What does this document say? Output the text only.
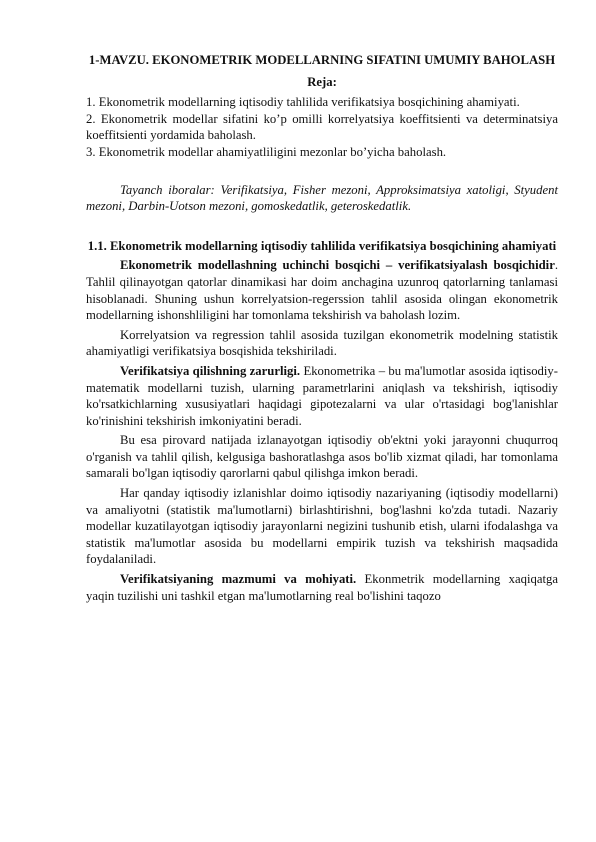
1-MAVZU. EKONOMETRIK MODELLARNING SIFATINI UMUMIY BAHOLASH
Reja:

1. Ekonometrik modellarning iqtisodiy tahlilida verifikatsiya bosqichining ahamiyati.

2. Ekonometrik modellar sifatini ko’p omilli korrelyatsiya koeffitsienti va determinatsiya koeffitsienti yordamida baholash.

3. Ekonometrik modellar ahamiyatliligini mezonlar bo’yicha baholash.

Tayanch iboralar: Verifikatsiya, Fisher mezoni, Approksimatsiya xatoligi, Styudent mezoni, Darbin-Uotson mezoni, gomoskedatlik, geteroskedatlik.

1.1. Ekonometrik modellarning iqtisodiy tahlilida verifikatsiya bosqichining ahamiyati

Ekonometrik modellashning uchinchi bosqichi – verifikatsiyalash bosqichidir. Tahlil qilinayotgan qatorlar dinamikasi har doim anchagina uzunroq qatorlarning tanlamasi hisoblanadi. Shuning ushun korrelyatsion-regerssion tahlil asosida olingan ekonometrik modellarning ishonshliligini har tomonlama tekshirish va baholash lozim.

Korrelyatsion va regression tahlil asosida tuzilgan ekonometrik modelning statistik ahamiyatligi verifikatsiya bosqishida tekshiriladi.

Verifikatsiya qilishning zarurligi. Ekonometrika – bu ma'lumotlar asosida iqtisodiy-matematik modellarni tuzish, ularning parametrlarini aniqlash va tekshirish, iqtisodiy ko'rsatkichlarning xususiyatlari haqidagi gipotezalarni va ular o'rtasidagi bog'lanishlar ko'rinishini tekshirish imkoniyatini beradi.

Bu esa pirovard natijada izlanayotgan iqtisodiy ob'ektni yoki jarayonni chuqurroq o'rganish va tahlil qilish, kelgusiga bashoratlashga asos bo'lib xizmat qiladi, har tomonlama samarali bo'lgan iqtisodiy qarorlarni qabul qilishga imkon beradi.

Har qanday iqtisodiy izlanishlar doimo iqtisodiy nazariyaning (iqtisodiy modellarni) va amaliyotni (statistik ma'lumotlarni) birlashtirishni, bog'lashni ko'zda tutadi. Nazariy modellar kuzatilayotgan iqtisodiy jarayonlarni negizini tushunib etish, ularni ifodalashga va statistik ma'lumotlar asosida bu modellarni empirik tuzish va tekshirish maqsadida foydalaniladi.

Verifikatsiyaning mazmumi va mohiyati. Ekonmetrik modellarning xaqiqatga yaqin tuzilishi uni tashkil etgan ma'lumotlarning real bo'lishini taqozo
